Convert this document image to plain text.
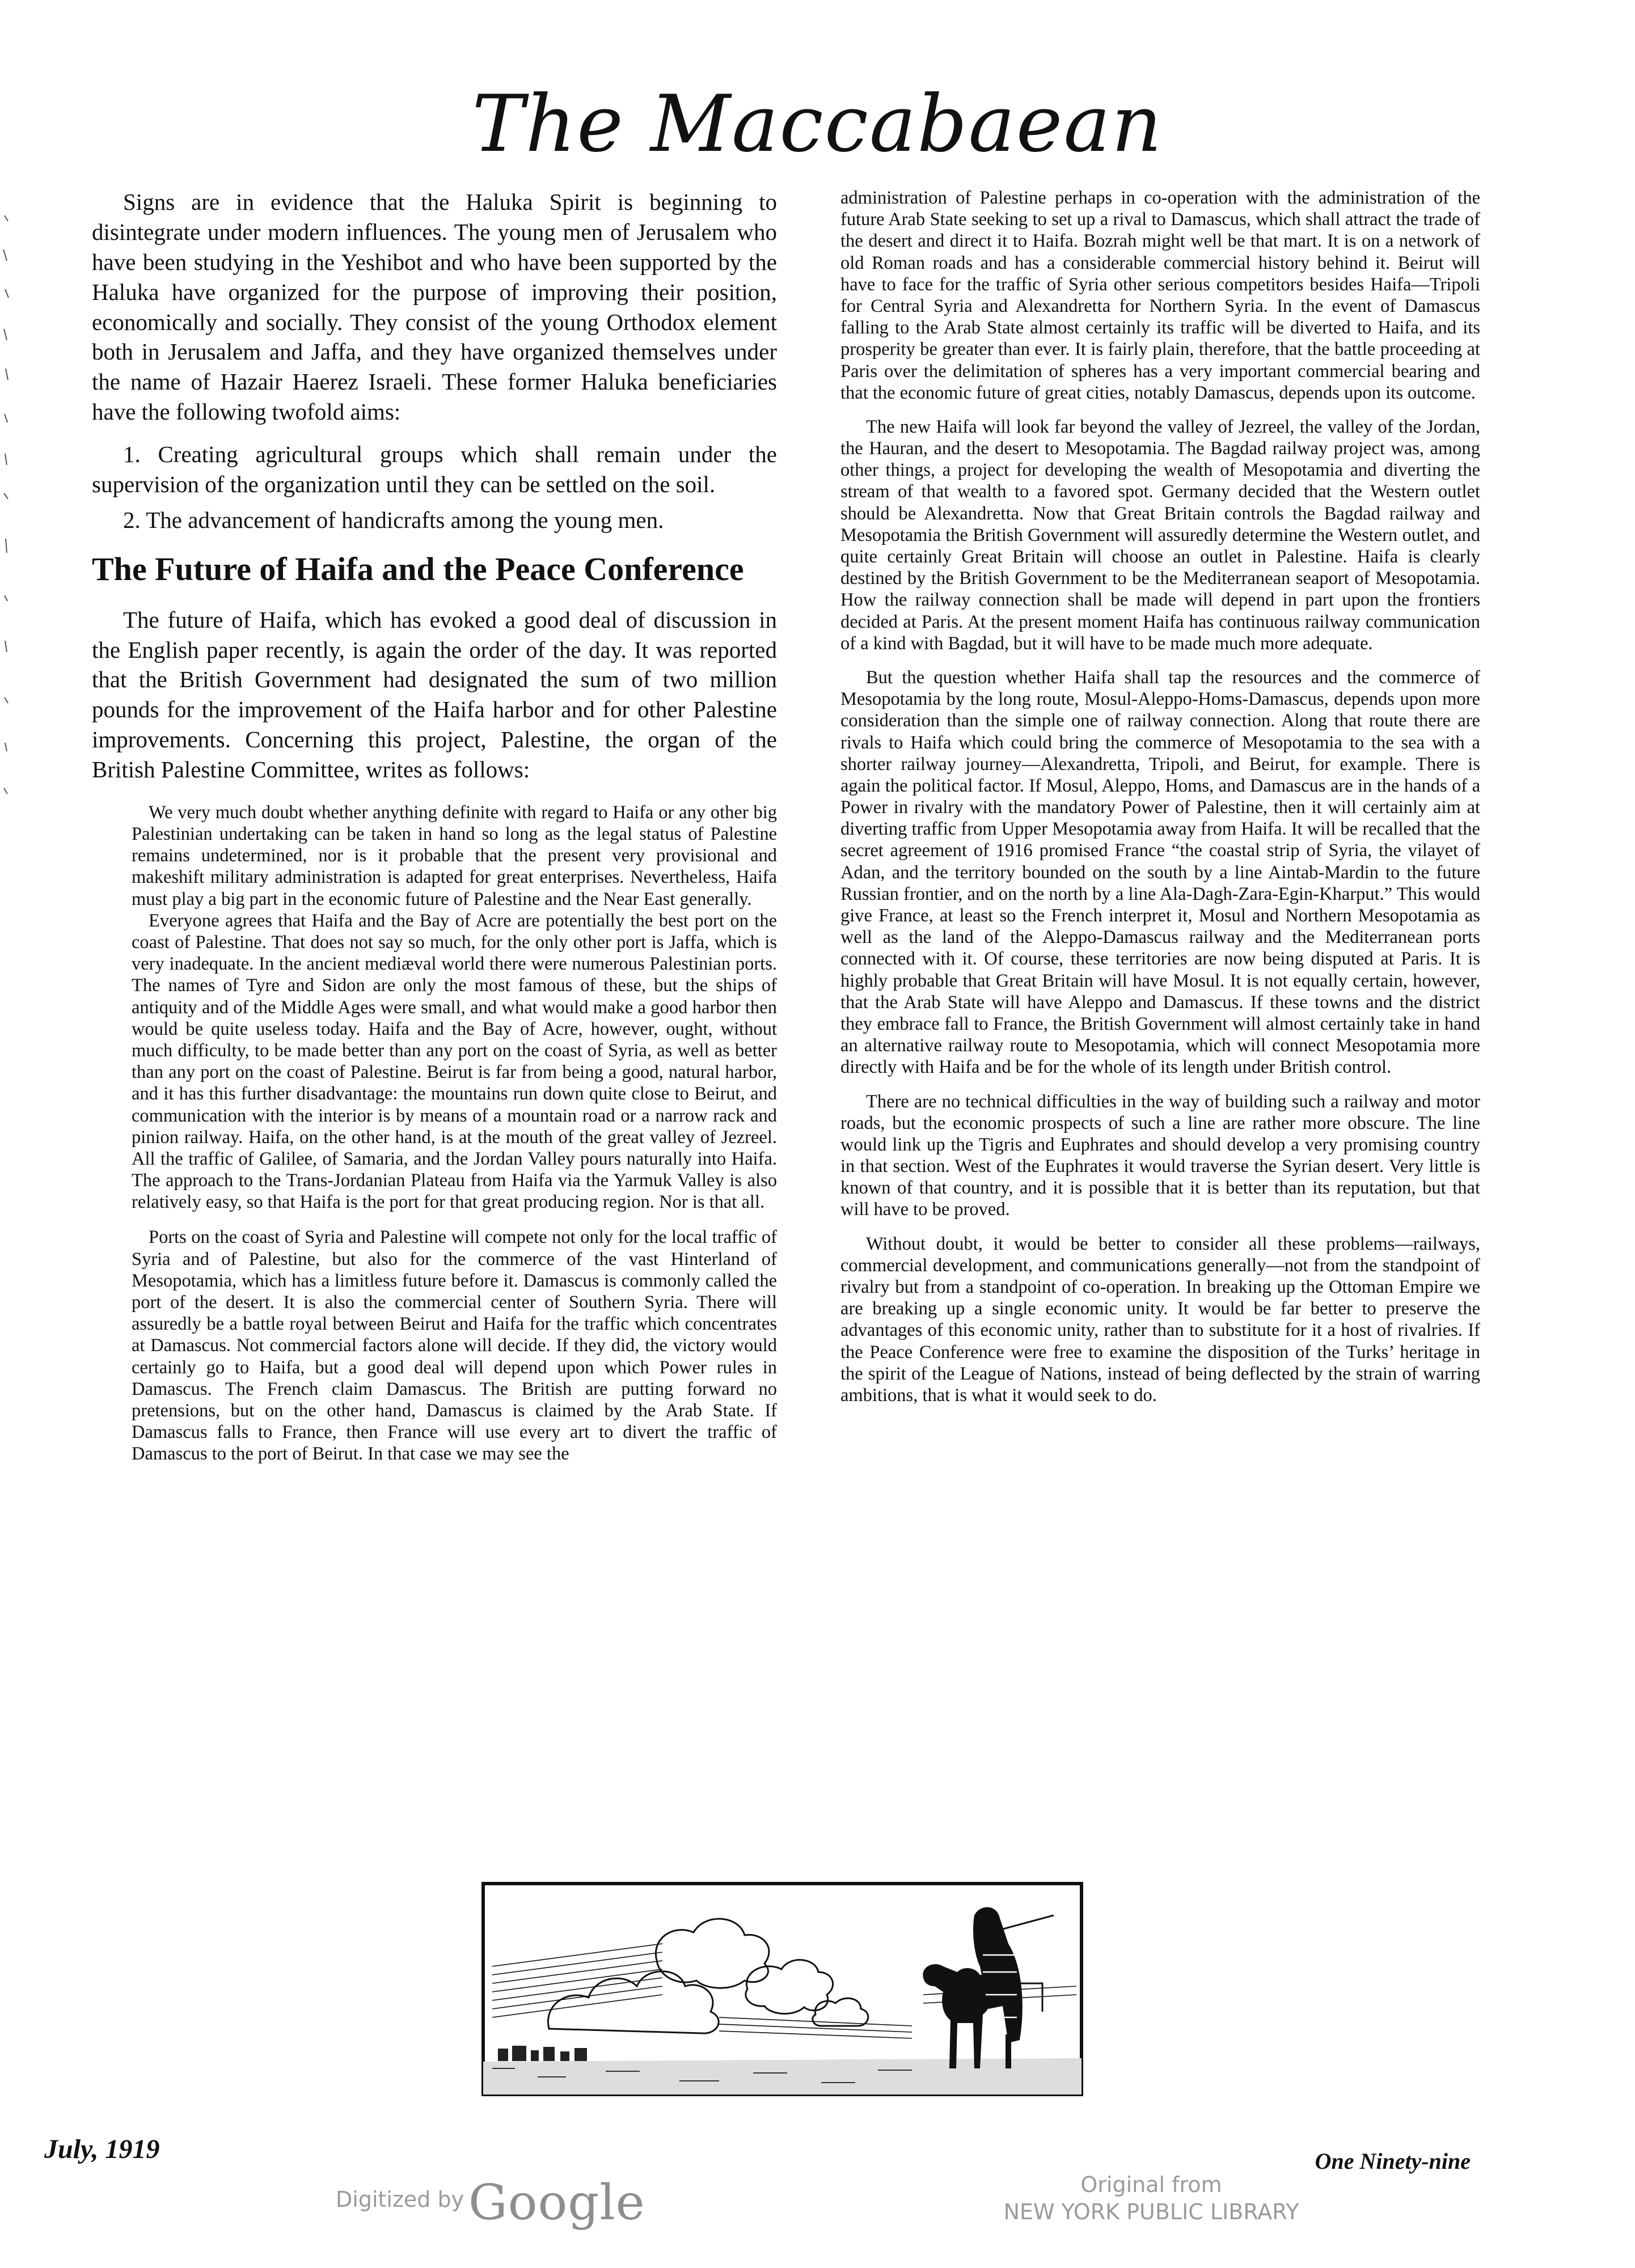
The Maccabaean

Signs are in evidence that the Haluka Spirit is beginning to disintegrate under modern influences. The young men of Jerusalem who have been studying in the Yeshibot and who have been supported by the Haluka have organized for the purpose of improving their position, economically and socially. They consist of the young Orthodox element both in Jerusalem and Jaffa, and they have organized themselves under the name of Hazair Haerez Israeli. These former Haluka beneficiaries have the following twofold aims:

1. Creating agricultural groups which shall remain under the supervision of the organization until they can be settled on the soil.

2. The advancement of handicrafts among the young men.

The Future of Haifa and the Peace Conference

The future of Haifa, which has evoked a good deal of discussion in the English paper recently, is again the order of the day. It was reported that the British Government had designated the sum of two million pounds for the improvement of the Haifa harbor and for other Palestine improvements. Concerning this project, Palestine, the organ of the British Palestine Committee, writes as follows:

We very much doubt whether anything definite with regard to Haifa or any other big Palestinian undertaking can be taken in hand so long as the legal status of Palestine remains undetermined, nor is it probable that the present very provisional and makeshift military administration is adapted for great enterprises. Nevertheless, Haifa must play a big part in the economic future of Palestine and the Near East generally.

Everyone agrees that Haifa and the Bay of Acre are potentially the best port on the coast of Palestine. That does not say so much, for the only other port is Jaffa, which is very inadequate. In the ancient mediæval world there were numerous Palestinian ports. The names of Tyre and Sidon are only the most famous of these, but the ships of antiquity and of the Middle Ages were small, and what would make a good harbor then would be quite useless today. Haifa and the Bay of Acre, however, ought, without much difficulty, to be made better than any port on the coast of Syria, as well as better than any port on the coast of Palestine. Beirut is far from being a good, natural harbor, and it has this further disadvantage: the mountains run down quite close to Beirut, and communication with the interior is by means of a mountain road or a narrow rack and pinion railway. Haifa, on the other hand, is at the mouth of the great valley of Jezreel. All the traffic of Galilee, of Samaria, and the Jordan Valley pours naturally into Haifa. The approach to the Trans-Jordanian Plateau from Haifa via the Yarmuk Valley is also relatively easy, so that Haifa is the port for that great producing region. Nor is that all.

Ports on the coast of Syria and Palestine will compete not only for the local traffic of Syria and of Palestine, but also for the commerce of the vast Hinterland of Mesopotamia, which has a limitless future before it. Damascus is commonly called the port of the desert. It is also the commercial center of Southern Syria. There will assuredly be a battle royal between Beirut and Haifa for the traffic which concentrates at Damascus. Not commercial factors alone will decide. If they did, the victory would certainly go to Haifa, but a good deal will depend upon which Power rules in Damascus. The French claim Damascus. The British are putting forward no pretensions, but on the other hand, Damascus is claimed by the Arab State. If Damascus falls to France, then France will use every art to divert the traffic of Damascus to the port of Beirut. In that case we may see the

administration of Palestine perhaps in co-operation with the administration of the future Arab State seeking to set up a rival to Damascus, which shall attract the trade of the desert and direct it to Haifa. Bozrah might well be that mart. It is on a network of old Roman roads and has a considerable commercial history behind it. Beirut will have to face for the traffic of Syria other serious competitors besides Haifa—Tripoli for Central Syria and Alexandretta for Northern Syria. In the event of Damascus falling to the Arab State almost certainly its traffic will be diverted to Haifa, and its prosperity be greater than ever. It is fairly plain, therefore, that the battle proceeding at Paris over the delimitation of spheres has a very important commercial bearing and that the economic future of great cities, notably Damascus, depends upon its outcome.

The new Haifa will look far beyond the valley of Jezreel, the valley of the Jordan, the Hauran, and the desert to Mesopotamia. The Bagdad railway project was, among other things, a project for developing the wealth of Mesopotamia and diverting the stream of that wealth to a favored spot. Germany decided that the Western outlet should be Alexandretta. Now that Great Britain controls the Bagdad railway and Mesopotamia the British Government will assuredly determine the Western outlet, and quite certainly Great Britain will choose an outlet in Palestine. Haifa is clearly destined by the British Government to be the Mediterranean seaport of Mesopotamia. How the railway connection shall be made will depend in part upon the frontiers decided at Paris. At the present moment Haifa has continuous railway communication of a kind with Bagdad, but it will have to be made much more adequate.

But the question whether Haifa shall tap the resources and the commerce of Mesopotamia by the long route, Mosul-Aleppo-Homs-Damascus, depends upon more consideration than the simple one of railway connection. Along that route there are rivals to Haifa which could bring the commerce of Mesopotamia to the sea with a shorter railway journey—Alexandretta, Tripoli, and Beirut, for example. There is again the political factor. If Mosul, Aleppo, Homs, and Damascus are in the hands of a Power in rivalry with the mandatory Power of Palestine, then it will certainly aim at diverting traffic from Upper Mesopotamia away from Haifa. It will be recalled that the secret agreement of 1916 promised France “the coastal strip of Syria, the vilayet of Adan, and the territory bounded on the south by a line Aintab-Mardin to the future Russian frontier, and on the north by a line Ala-Dagh-Zara-Egin-Kharput.” This would give France, at least so the French interpret it, Mosul and Northern Mesopotamia as well as the land of the Aleppo-Damascus railway and the Mediterranean ports connected with it. Of course, these territories are now being disputed at Paris. It is highly probable that Great Britain will have Mosul. It is not equally certain, however, that the Arab State will have Aleppo and Damascus. If these towns and the district they embrace fall to France, the British Government will almost certainly take in hand an alternative railway route to Mesopotamia, which will connect Mesopotamia more directly with Haifa and be for the whole of its length under British control.

There are no technical difficulties in the way of building such a railway and motor roads, but the economic prospects of such a line are rather more obscure. The line would link up the Tigris and Euphrates and should develop a very promising country in that section. West of the Euphrates it would traverse the Syrian desert. Very little is known of that country, and it is possible that it is better than its reputation, but that will have to be proved.

Without doubt, it would be better to consider all these problems—railways, commercial development, and communications generally—not from the standpoint of rivalry but from a standpoint of co-operation. In breaking up the Ottoman Empire we are breaking up a single economic unity. It would be far better to preserve the advantages of this economic unity, rather than to substitute for it a host of rivalries. If the Peace Conference were free to examine the disposition of the Turks’ heritage in the spirit of the League of Nations, instead of being deflected by the strain of warring ambitions, that is what it would seek to do.

July, 1919	One Ninety-nine
Digitized by Google	Original from
NEW YORK PUBLIC LIBRARY
